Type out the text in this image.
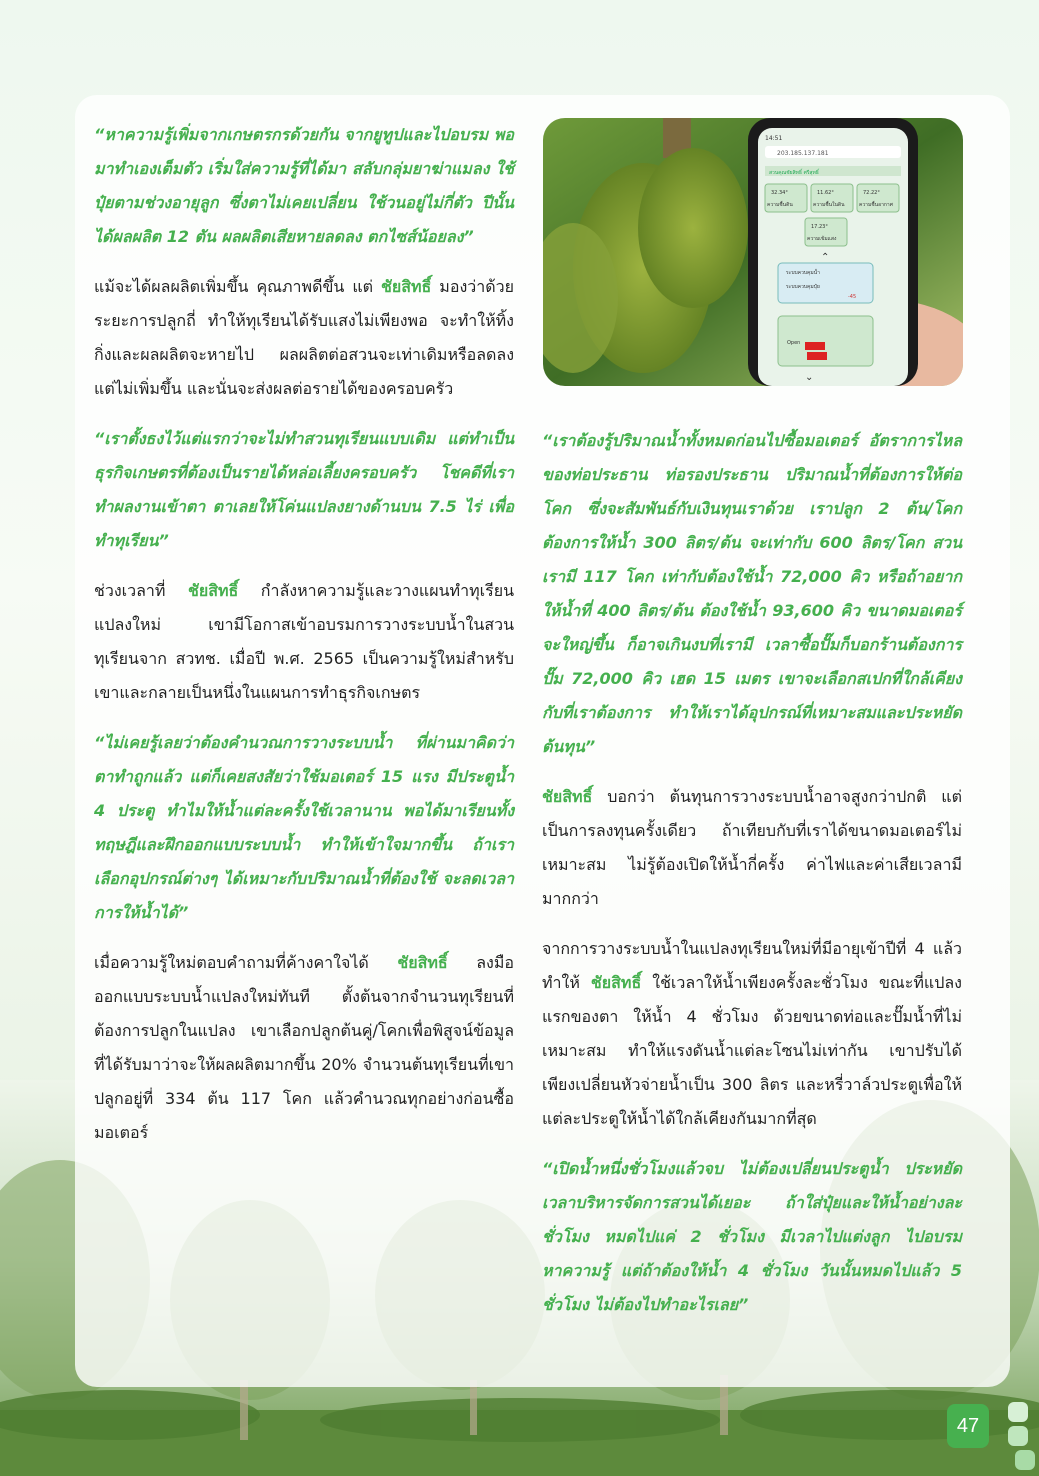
14:51
203.185.137.181
สวนคุณชัยสิทธิ์ ศรีสุทธิ์
32.34°
ความชื้นดิน
11.62°
ความชื้นในดิน
72.22°
ความชื้นอากาศ
17.23°
ความเข้มแสง
⌃
ระบบควบคุมน้ำ
ระบบควบคุมปุ๋ย
-45
Open
⌄

“หาความรู้เพิ่มจากเกษตรกรด้วยกัน จากยูทูปและไปอบรม พอมาทำเองเต็มตัว เริ่มใส่ความรู้ที่ได้มา สลับกลุ่มยาฆ่าแมลง ใช้ปุ๋ยตามช่วงอายุลูก ซึ่งตาไม่เคยเปลี่ยน ใช้วนอยู่ไม่กี่ตัว ปีนั้นได้ผลผลิต 12 ตัน ผลผลิตเสียหายลดลง ตกไซส์น้อยลง”

แม้จะได้ผลผลิตเพิ่มขึ้น คุณภาพดีขึ้น แต่ ชัยสิทธิ์ มองว่าด้วยระยะการปลูกถี่ ทำให้ทุเรียนได้รับแสงไม่เพียงพอ จะทำให้ทิ้งกิ่งและผลผลิตจะหายไป ผลผลิตต่อสวนจะเท่าเดิมหรือลดลง แต่ไม่เพิ่มขึ้น และนั่นจะส่งผลต่อรายได้ของครอบครัว

“เราตั้งธงไว้แต่แรกว่าจะไม่ทำสวนทุเรียนแบบเดิม แต่ทำเป็นธุรกิจเกษตรที่ต้องเป็นรายได้หล่อเลี้ยงครอบครัว โชคดีที่เราทำผลงานเข้าตา ตาเลยให้โค่นแปลงยางด้านบน 7.5 ไร่ เพื่อทำทุเรียน”

ช่วงเวลาที่ ชัยสิทธิ์ กำลังหาความรู้และวางแผนทำทุเรียนแปลงใหม่ เขามีโอกาสเข้าอบรมการวางระบบน้ำในสวนทุเรียนจาก สวทช. เมื่อปี พ.ศ. 2565 เป็นความรู้ใหม่สำหรับเขาและกลายเป็นหนึ่งในแผนการทำธุรกิจเกษตร

“ไม่เคยรู้เลยว่าต้องคำนวณการวางระบบน้ำ ที่ผ่านมาคิดว่าตาทำถูกแล้ว แต่ก็เคยสงสัยว่าใช้มอเตอร์ 15 แรง มีประตูน้ำ 4 ประตู ทำไมให้น้ำแต่ละครั้งใช้เวลานาน พอได้มาเรียนทั้งทฤษฎีและฝึกออกแบบระบบน้ำ ทำให้เข้าใจมากขึ้น ถ้าเราเลือกอุปกรณ์ต่างๆ ได้เหมาะกับปริมาณน้ำที่ต้องใช้ จะลดเวลาการให้น้ำได้”

เมื่อความรู้ใหม่ตอบคำถามที่ค้างคาใจได้ ชัยสิทธิ์ ลงมือออกแบบระบบน้ำแปลงใหม่ทันที ตั้งต้นจากจำนวนทุเรียนที่ต้องการปลูกในแปลง เขาเลือกปลูกต้นคู่/โคกเพื่อพิสูจน์ข้อมูลที่ได้รับมาว่าจะให้ผลผลิตมากขึ้น 20% จำนวนต้นทุเรียนที่เขาปลูกอยู่ที่ 334 ต้น 117 โคก แล้วคำนวณทุกอย่างก่อนซื้อมอเตอร์

“เราต้องรู้ปริมาณน้ำทั้งหมดก่อนไปซื้อมอเตอร์ อัตราการไหลของท่อประธาน ท่อรองประธาน ปริมาณน้ำที่ต้องการให้ต่อโคก ซึ่งจะสัมพันธ์กับเงินทุนเราด้วย เราปลูก 2 ต้น/โคก ต้องการให้น้ำ 300 ลิตร/ต้น จะเท่ากับ 600 ลิตร/โคก สวนเรามี 117 โคก เท่ากับต้องใช้น้ำ 72,000 คิว หรือถ้าอยากให้น้ำที่ 400 ลิตร/ต้น ต้องใช้น้ำ 93,600 คิว ขนาดมอเตอร์จะใหญ่ขึ้น ก็อาจเกินงบที่เรามี เวลาซื้อปั๊มก็บอกร้านต้องการปั๊ม 72,000 คิว เฮด 15 เมตร เขาจะเลือกสเปกที่ใกล้เคียงกับที่เราต้องการ ทำให้เราได้อุปกรณ์ที่เหมาะสมและประหยัดต้นทุน”

ชัยสิทธิ์ บอกว่า ต้นทุนการวางระบบน้ำอาจสูงกว่าปกติ แต่เป็นการลงทุนครั้งเดียว ถ้าเทียบกับที่เราได้ขนาดมอเตอร์ไม่เหมาะสม ไม่รู้ต้องเปิดให้น้ำกี่ครั้ง ค่าไฟและค่าเสียเวลามีมากกว่า

จากการวางระบบน้ำในแปลงทุเรียนใหม่ที่มีอายุเข้าปีที่ 4 แล้ว ทำให้ ชัยสิทธิ์ ใช้เวลาให้น้ำเพียงครั้งละชั่วโมง ขณะที่แปลงแรกของตา ให้น้ำ 4 ชั่วโมง ด้วยขนาดท่อและปั๊มน้ำที่ไม่เหมาะสม ทำให้แรงดันน้ำแต่ละโซนไม่เท่ากัน เขาปรับได้เพียงเปลี่ยนหัวจ่ายน้ำเป็น 300 ลิตร และหรี่วาล์วประตูเพื่อให้แต่ละประตูให้น้ำได้ใกล้เคียงกันมากที่สุด

“เปิดน้ำหนึ่งชั่วโมงแล้วจบ ไม่ต้องเปลี่ยนประตูน้ำ ประหยัดเวลาบริหารจัดการสวนได้เยอะ ถ้าใส่ปุ๋ยและให้น้ำอย่างละชั่วโมง หมดไปแค่ 2 ชั่วโมง มีเวลาไปแต่งลูก ไปอบรมหาความรู้ แต่ถ้าต้องให้น้ำ 4 ชั่วโมง วันนั้นหมดไปแล้ว 5 ชั่วโมง ไม่ต้องไปทำอะไรเลย”

47
